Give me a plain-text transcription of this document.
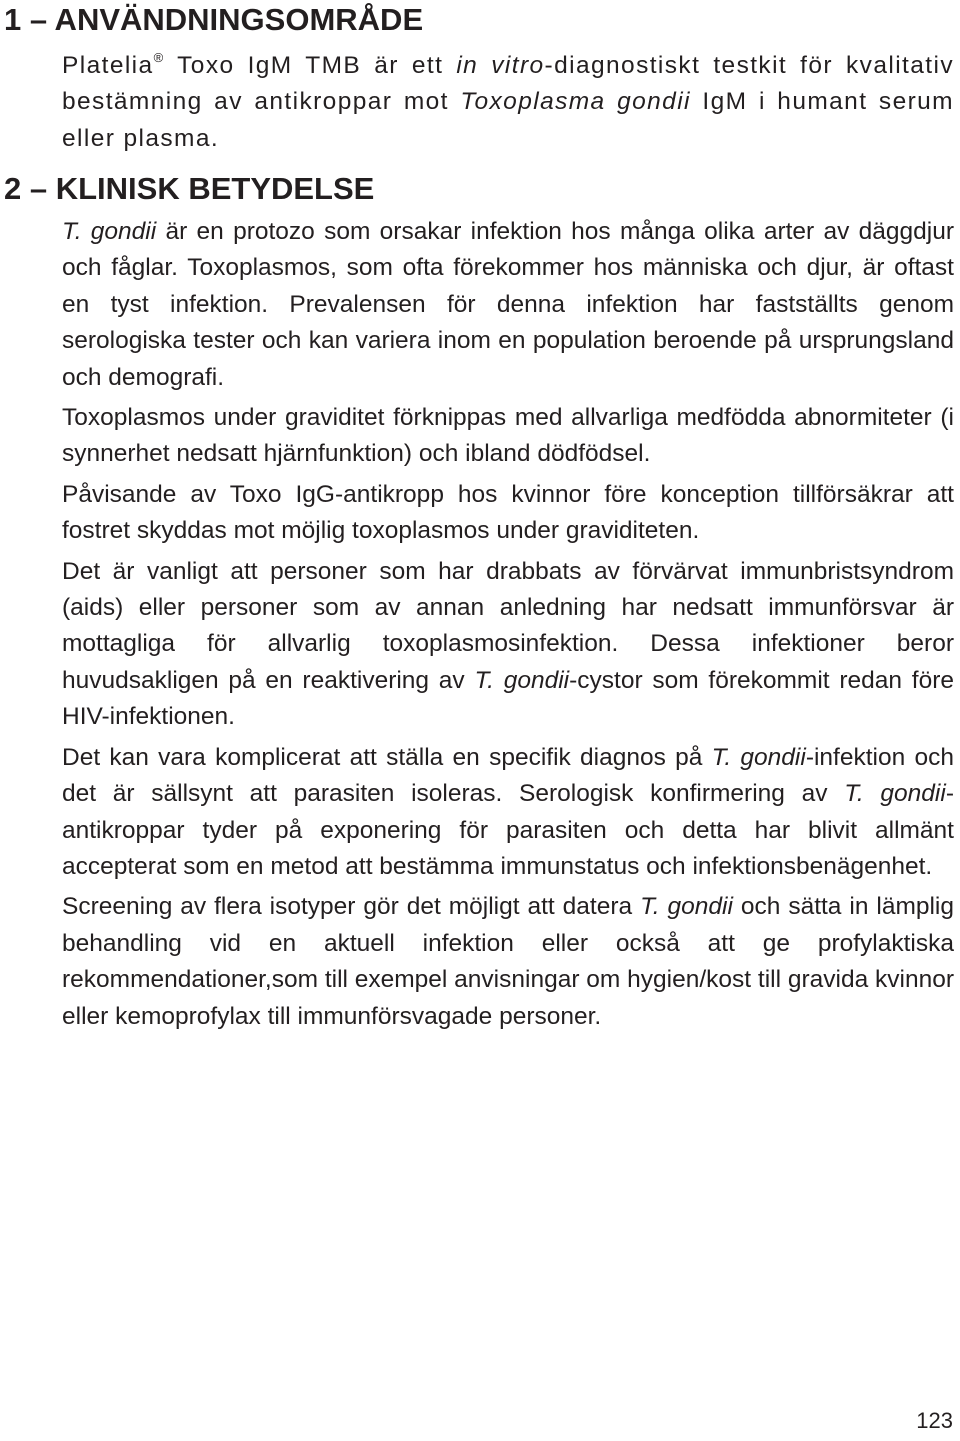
1 – ANVÄNDNINGSOMRÅDE

Platelia® Toxo IgM TMB är ett in vitro-diagnostiskt testkit för kvalitativ bestämning av antikroppar mot Toxoplasma gondii IgM i humant serum eller plasma.

2 – KLINISK BETYDELSE

T. gondii är en protozo som orsakar infektion hos många olika arter av däggdjur och fåglar. Toxoplasmos, som ofta förekommer hos människa och djur, är oftast en tyst infektion. Prevalensen för denna infektion har fastställts genom serologiska tester och kan variera inom en population beroende på ursprungsland och demografi.

Toxoplasmos under graviditet förknippas med allvarliga medfödda abnormiteter (i synnerhet nedsatt hjärnfunktion) och ibland dödfödsel.

Påvisande av Toxo IgG-antikropp hos kvinnor före konception tillförsäkrar att fostret skyddas mot möjlig toxoplasmos under graviditeten.

Det är vanligt att personer som har drabbats av förvärvat immunbristsyndrom (aids) eller personer som av annan anledning har nedsatt immunförsvar är mottagliga för allvarlig toxoplasmosinfektion. Dessa infektioner beror huvudsakligen på en reaktivering av T. gondii-cystor som förekommit redan före HIV-infektionen.

Det kan vara komplicerat att ställa en specifik diagnos på T. gondii-infektion och det är sällsynt att parasiten isoleras. Serologisk konfirmering av T. gondii-antikroppar tyder på exponering för parasiten och detta har blivit allmänt accepterat som en metod att bestämma immunstatus och infektionsbenägenhet.

Screening av flera isotyper gör det möjligt att datera T. gondii och sätta in lämplig behandling vid en aktuell infektion eller också att ge profylaktiska rekommendationer,som till exempel anvisningar om hygien/kost till gravida kvinnor eller kemoprofylax till immunförsvagade personer.

123
